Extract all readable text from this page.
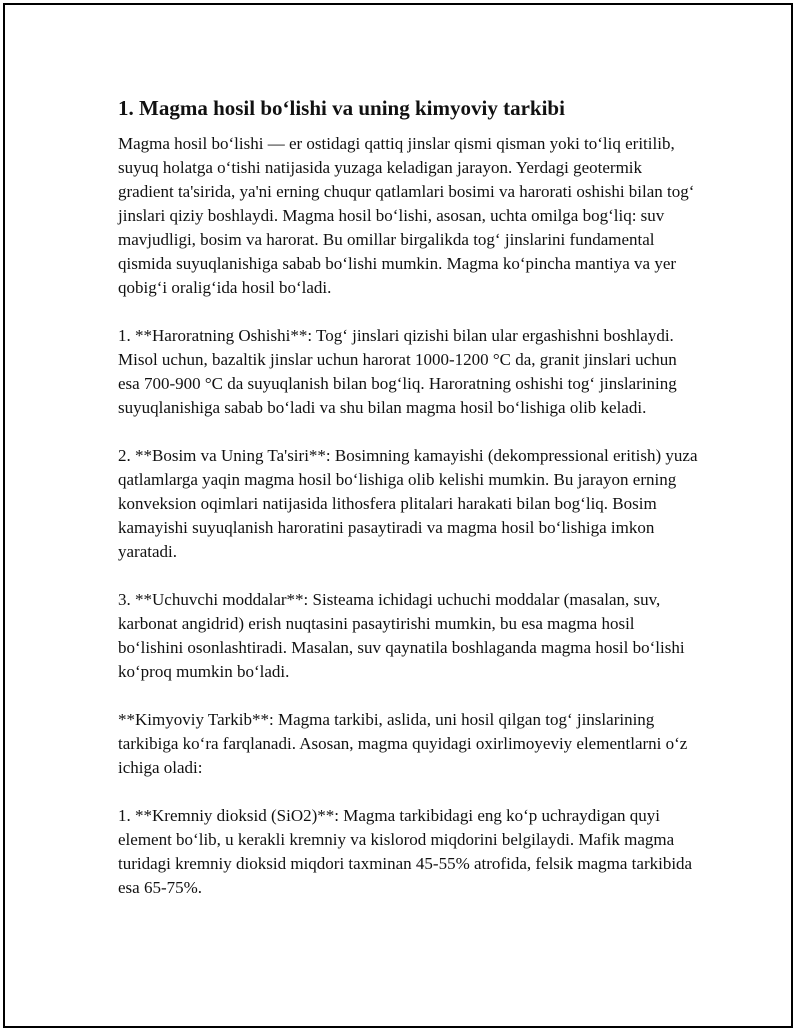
1. Magma hosil bo‘lishi va uning kimyoviy tarkibi

Magma hosil bo‘lishi — er ostidagi qattiq jinslar qismi qisman yoki to‘liq eritilib, suyuq holatga o‘tishi natijasida yuzaga keladigan jarayon. Yerdagi geotermik gradient ta'sirida, ya'ni erning chuqur qatlamlari bosimi va harorati oshishi bilan tog‘ jinslari qiziy boshlaydi. Magma hosil bo‘lishi, asosan, uchta omilga bog‘liq: suv mavjudligi, bosim va harorat. Bu omillar birgalikda tog‘ jinslarini fundamental qismida suyuqlanishiga sabab bo‘lishi mumkin. Magma ko‘pincha mantiya va yer qobig‘i oralig‘ida hosil bo‘ladi.

1. **Haroratning Oshishi**: Tog‘ jinslari qizishi bilan ular ergashishni boshlaydi. Misol uchun, bazaltik jinslar uchun harorat 1000-1200 °C da, granit jinslari uchun esa 700-900 °C da suyuqlanish bilan bog‘liq. Haroratning oshishi tog‘ jinslarining suyuqlanishiga sabab bo‘ladi va shu bilan magma hosil bo‘lishiga olib keladi.

2. **Bosim va Uning Ta'siri**: Bosimning kamayishi (dekompressional eritish) yuza qatlamlarga yaqin magma hosil bo‘lishiga olib kelishi mumkin. Bu jarayon erning konveksion oqimlari natijasida lithosfera plitalari harakati bilan bog‘liq. Bosim kamayishi suyuqlanish haroratini pasaytiradi va magma hosil bo‘lishiga imkon yaratadi.

3. **Uchuvchi moddalar**: Sisteama ichidagi uchuchi moddalar (masalan, suv, karbonat angidrid) erish nuqtasini pasaytirishi mumkin, bu esa magma hosil bo‘lishini osonlashtiradi. Masalan, suv qaynatila boshlaganda magma hosil bo‘lishi ko‘proq mumkin bo‘ladi.

**Kimyoviy Tarkib**: Magma tarkibi, aslida, uni hosil qilgan tog‘ jinslarining tarkibiga ko‘ra farqlanadi. Asosan, magma quyidagi oxirlimoyeviy elementlarni o‘z ichiga oladi:

1. **Kremniy dioksid (SiO2)**: Magma tarkibidagi eng ko‘p uchraydigan quyi element bo‘lib, u kerakli kremniy va kislorod miqdorini belgilaydi. Mafik magma turidagi kremniy dioksid miqdori taxminan 45-55% atrofida, felsik magma tarkibida esa 65-75%.
